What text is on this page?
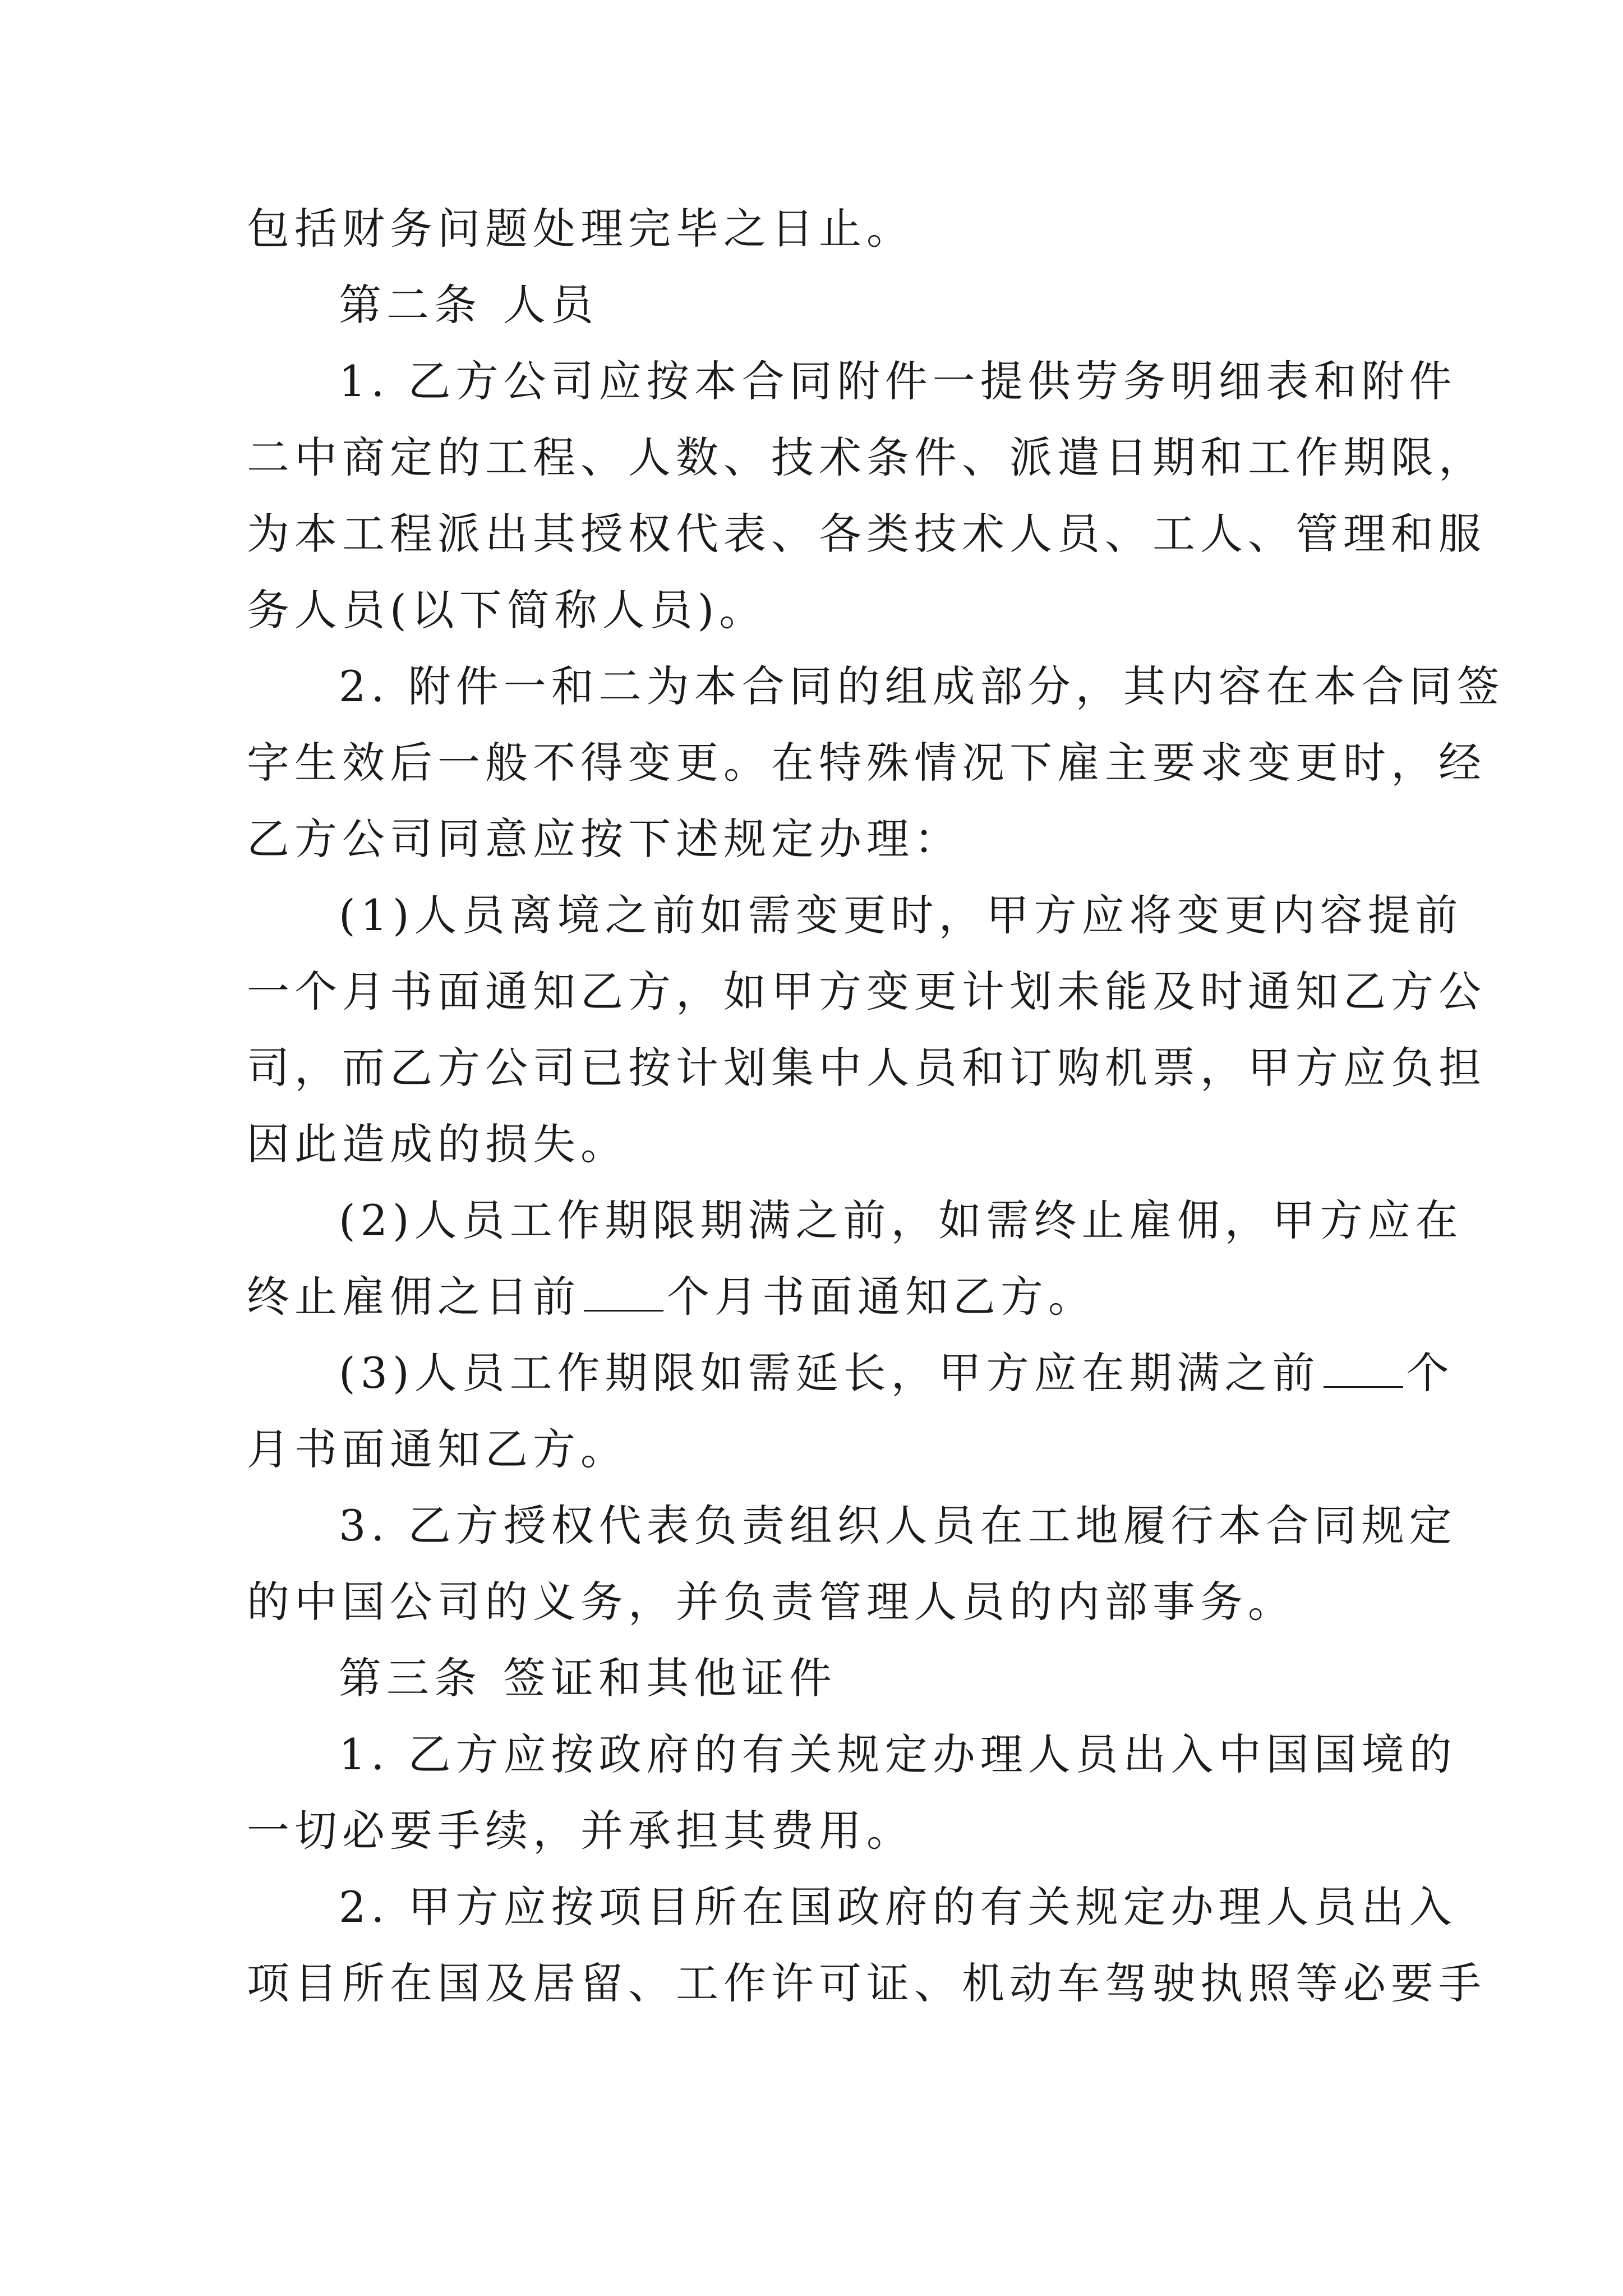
包括财务问题处理完毕之日止。
第二条 人员
1. 乙方公司应按本合同附件一提供劳务明细表和附件
二中商定的工程、人数、技术条件、派遣日期和工作期限，
为本工程派出其授权代表、各类技术人员、工人、管理和服
务人员(以下简称人员)。
2. 附件一和二为本合同的组成部分，其内容在本合同签
字生效后一般不得变更。在特殊情况下雇主要求变更时，经
乙方公司同意应按下述规定办理：
(1)人员离境之前如需变更时，甲方应将变更内容提前
一个月书面通知乙方，如甲方变更计划未能及时通知乙方公
司，而乙方公司已按计划集中人员和订购机票，甲方应负担
因此造成的损失。
(2)人员工作期限期满之前，如需终止雇佣，甲方应在
终止雇佣之日前 个月书面通知乙方。
(3)人员工作期限如需延长，甲方应在期满之前 个
月书面通知乙方。
3. 乙方授权代表负责组织人员在工地履行本合同规定
的中国公司的义务，并负责管理人员的内部事务。
第三条 签证和其他证件
1. 乙方应按政府的有关规定办理人员出入中国国境的
一切必要手续，并承担其费用。
2. 甲方应按项目所在国政府的有关规定办理人员出入
项目所在国及居留、工作许可证、机动车驾驶执照等必要手
